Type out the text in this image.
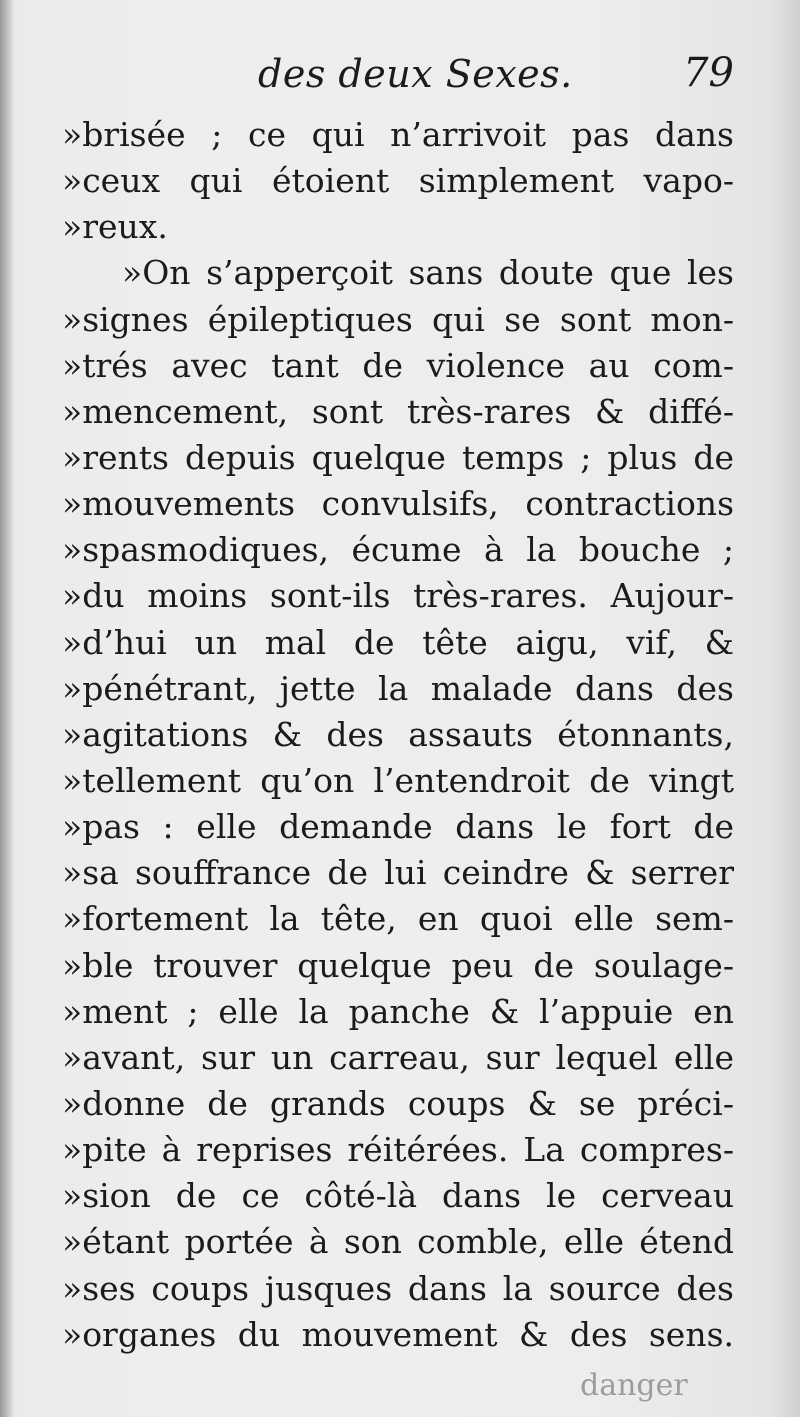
des deux Sexes.	79
»brisée ; ce qui n’arrivoit pas dans
»ceux qui étoient simplement vapo-
»reux.
»On s’apperçoit sans doute que les
»signes épileptiques qui se sont mon-
»trés avec tant de violence au com-
»mencement, sont très-rares & diffé-
»rents depuis quelque temps ; plus de
»mouvements convulsifs, contractions
»spasmodiques, écume à la bouche ;
»du moins sont-ils très-rares. Aujour-
»d’hui un mal de tête aigu, vif, &
»pénétrant, jette la malade dans des
»agitations & des assauts étonnants,
»tellement qu’on l’entendroit de vingt
»pas : elle demande dans le fort de
»sa souffrance de lui ceindre & serrer
»fortement la tête, en quoi elle sem-
»ble trouver quelque peu de soulage-
»ment ; elle la panche & l’appuie en
»avant, sur un carreau, sur lequel elle
»donne de grands coups & se préci-
»pite à reprises réitérées. La compres-
»sion de ce côté-là dans le cerveau
»étant portée à son comble, elle étend
»ses coups jusques dans la source des
»organes du mouvement & des sens.
danger
